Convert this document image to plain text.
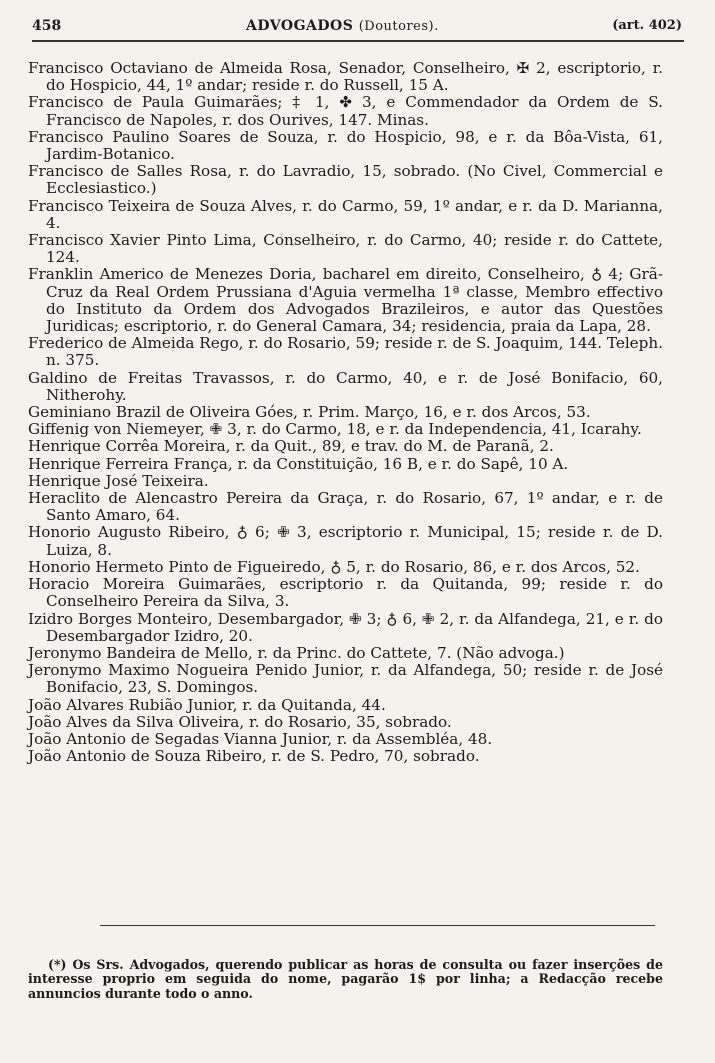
458	ADVOGADOS (Doutores).	(art. 402)

Francisco Octaviano de Almeida Rosa, Senador, Conselheiro, ✠ 2, escriptorio, r. do Hospicio, 44, 1º andar; reside r. do Russell, 15 A.

Francisco de Paula Guimarães; ‡ 1, ✤ 3, e Commendador da Ordem de S. Francisco de Napoles, r. dos Ourives, 147. Minas.

Francisco Paulino Soares de Souza, r. do Hospicio, 98, e r. da Bôa-Vista, 61, Jardim-Botanico.

Francisco de Salles Rosa, r. do Lavradio, 15, sobrado. (No Civel, Commercial e Ecclesiastico.)

Francisco Teixeira de Souza Alves, r. do Carmo, 59, 1º andar, e r. da D. Marianna, 4.

Francisco Xavier Pinto Lima, Conselheiro, r. do Carmo, 40; reside r. do Cattete, 124.

Franklin Americo de Menezes Doria, bacharel em direito, Conselheiro, ♁ 4; Grã-Cruz da Real Ordem Prussiana d'Aguia vermelha 1ª classe, Membro effectivo do Instituto da Ordem dos Advogados Brazileiros, e autor das Questões Juridicas; escriptorio, r. do General Camara, 34; residencia, praia da Lapa, 28.

Frederico de Almeida Rego, r. do Rosario, 59; reside r. de S. Joaquim, 144. Teleph. n. 375.

Galdino de Freitas Travassos, r. do Carmo, 40, e r. de José Bonifacio, 60, Nitherohy.

Geminiano Brazil de Oliveira Góes, r. Prim. Março, 16, e r. dos Arcos, 53.

Giffenig von Niemeyer, ✙ 3, r. do Carmo, 18, e r. da Independencia, 41, Icarahy.

Henrique Corrêa Moreira, r. da Quit., 89, e trav. do M. de Paranã, 2.

Henrique Ferreira França, r. da Constituição, 16 B, e r. do Sapê, 10 A.

Henrique José Teixeira.

Heraclito de Alencastro Pereira da Graça, r. do Rosario, 67, 1º andar, e r. de Santo Amaro, 64.

Honorio Augusto Ribeiro, ♁ 6; ✙ 3, escriptorio r. Municipal, 15; reside r. de D. Luiza, 8.

Honorio Hermeto Pinto de Figueiredo, ♁ 5, r. do Rosario, 86, e r. dos Arcos, 52.

Horacio Moreira Guimarães, escriptorio r. da Quitanda, 99; reside r. do Conselheiro Pereira da Silva, 3.

Izidro Borges Monteiro, Desembargador, ✙ 3; ♁ 6, ✙ 2, r. da Alfandega, 21, e r. do Desembargador Izidro, 20.

Jeronymo Bandeira de Mello, r. da Princ. do Cattete, 7. (Não advoga.)

Jeronymo Maximo Nogueira Penido Junior, r. da Alfandega, 50; reside r. de José Bonifacio, 23, S. Domingos.

João Alvares Rubião Junior, r. da Quitanda, 44.

João Alves da Silva Oliveira, r. do Rosario, 35, sobrado.

João Antonio de Segadas Vianna Junior, r. da Assembléa, 48.

João Antonio de Souza Ribeiro, r. de S. Pedro, 70, sobrado.

(*) Os Srs. Advogados, querendo publicar as horas de consulta ou fazer inserções de interesse proprio em seguida do nome, pagarão 1$ por linha; a Redacção recebe annuncios durante todo o anno.
